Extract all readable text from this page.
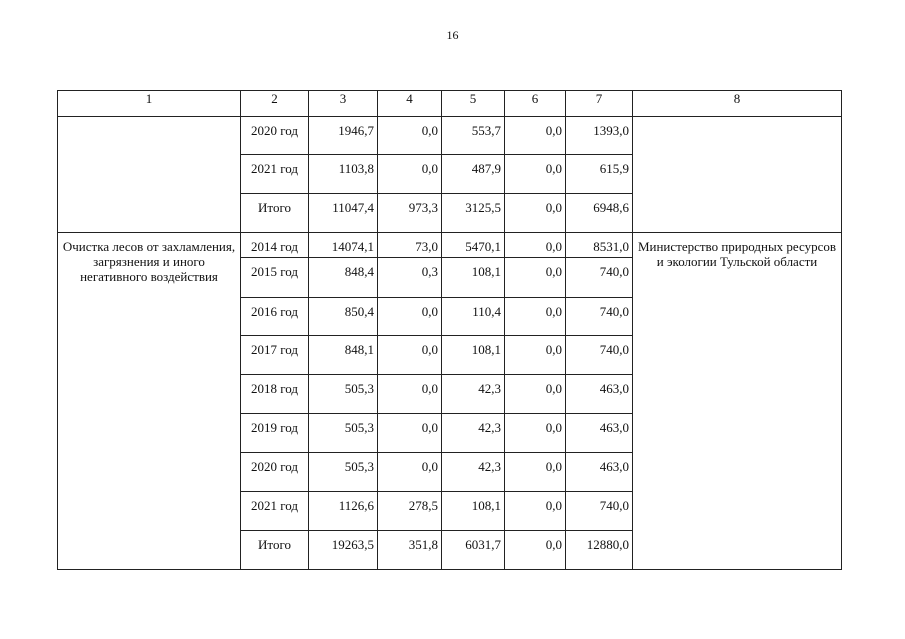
16
1	2	3	4	5	6	7	8
	2020 год	1946,7	0,0	553,7	0,0	1393,0	
	2021 год	1103,8	0,0	487,9	0,0	615,9	
	Итого	11047,4	973,3	3125,5	0,0	6948,6	
Очистка лесов от захламления, загрязнения и иного негативного воздействия	2014 год	14074,1	73,0	5470,1	0,0	8531,0	Министерство природных ресурсов и экологии Тульской области
	2015 год	848,4	0,3	108,1	0,0	740,0	
	2016 год	850,4	0,0	110,4	0,0	740,0	
	2017 год	848,1	0,0	108,1	0,0	740,0	
	2018 год	505,3	0,0	42,3	0,0	463,0	
	2019 год	505,3	0,0	42,3	0,0	463,0	
	2020 год	505,3	0,0	42,3	0,0	463,0	
	2021 год	1126,6	278,5	108,1	0,0	740,0	
	Итого	19263,5	351,8	6031,7	0,0	12880,0	
